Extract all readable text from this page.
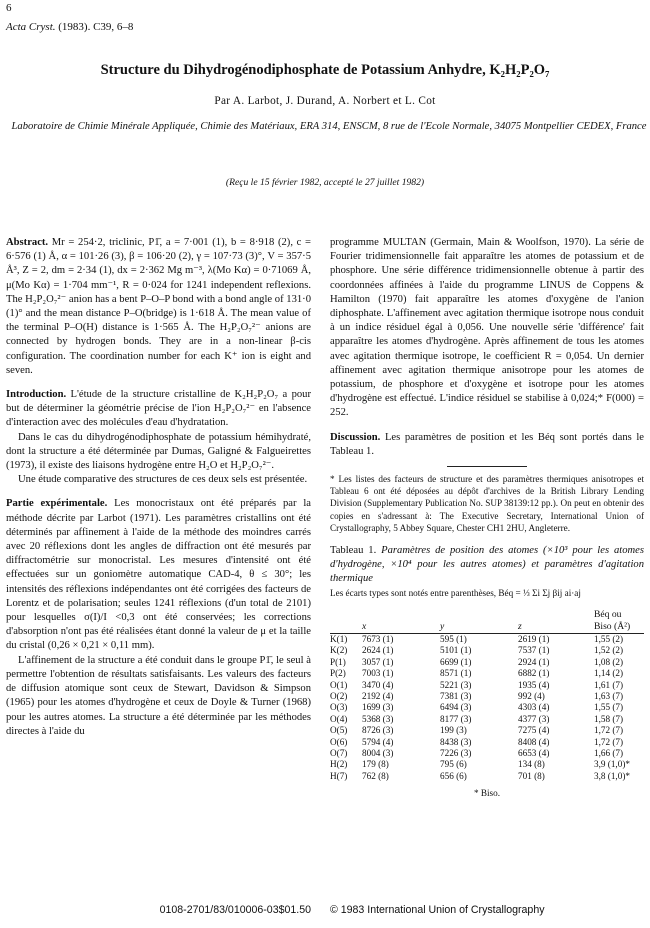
6
Acta Cryst. (1983). C39, 6–8
Structure du Dihydrogénodiphosphate de Potassium Anhydre, K₂H₂P₂O₇
Par A. Larbot, J. Durand, A. Norbert et L. Cot
Laboratoire de Chimie Minérale Appliquée, Chimie des Matériaux, ERA 314, ENSCM, 8 rue de l'Ecole Normale, 34075 Montpellier CEDEX, France
(Reçu le 15 février 1982, accepté le 27 juillet 1982)

Abstract. Mr = 254·2, triclinic, P1̄, a = 7·001 (1), b = 8·918 (2), c = 6·576 (1) Å, α = 101·26 (3), β = 106·20 (2), γ = 107·73 (3)°, V = 357·5 Å³, Z = 2, dm = 2·34 (1), dx = 2·362 Mg m⁻³, λ(Mo Kα) = 0·71069 Å, μ(Mo Kα) = 1·704 mm⁻¹, R = 0·024 for 1241 independent reflexions. The H₂P₂O₇²⁻ anion has a bent P–O–P bond with a bond angle of 131·0 (1)° and the mean distance P–O(bridge) is 1·618 Å. The mean value of the terminal P–O(H) distance is 1·565 Å. The H₂P₂O₇²⁻ anions are connected by hydrogen bonds. They are in a non-linear β-cis configuration. The coordination number for each K⁺ ion is eight and seven.

Introduction. L'étude de la structure cristalline de K₂H₂P₂O₇ a pour but de déterminer la géométrie précise de l'ion H₂P₂O₇²⁻ en l'absence d'interaction avec des molécules d'eau d'hydratation.

Dans le cas du dihydrogénodiphosphate de potassium hémihydraté, dont la structure a été déterminée par Dumas, Galigné & Falgueirettes (1973), il existe des liaisons hydrogène entre H₂O et H₂P₂O₇²⁻.

Une étude comparative des structures de ces deux sels est présentée.

Partie expérimentale. Les monocristaux ont été préparés par la méthode décrite par Larbot (1971). Les paramètres cristallins ont été déterminés par affinement à l'aide de la méthode des moindres carrés avec 20 réflexions dont les angles de diffraction ont été mesurés par diffractométrie sur monocristal. Les mesures d'intensité ont été effectuées sur un goniomètre automatique CAD-4, θ ≤ 30°; les intensités des réflexions indépendantes ont été corrigées des facteurs de Lorentz et de polarisation; seules 1241 réflexions (d'un total de 2101) pour lesquelles σ(I)/I <0,3 ont été conservées; les corrections d'absorption n'ont pas été réalisées étant donné la valeur de μ et la taille du cristal (0,26 × 0,21 × 0,11 mm).

L'affinement de la structure a été conduit dans le groupe P1̄, le seul à permettre l'obtention de résultats satisfaisants. Les valeurs des facteurs de diffusion atomique sont ceux de Stewart, Davidson & Simpson (1965) pour les atomes d'hydrogène et ceux de Doyle & Turner (1968) pour les autres atomes. La structure a été déterminée par les méthodes directes à l'aide du

programme MULTAN (Germain, Main & Woolfson, 1970). La série de Fourier tridimensionnelle fait apparaître les atomes de potassium et de phosphore. Une série différence tridimensionnelle obtenue à partir des coordonnées affinées à l'aide du programme LINUS de Coppens & Hamilton (1970) fait apparaître les atomes d'oxygène de l'anion diphosphate. L'affinement avec agitation thermique isotrope nous conduit à un indice résiduel égal à 0,056. Une nouvelle série 'différence' fait apparaître les atomes d'hydrogène. Après affinement de tous les atomes avec agitation thermique isotrope, le coefficient R = 0,054. Un dernier affinement avec agitation thermique anisotrope pour les atomes de potassium, de phosphore et d'oxygène et isotrope pour les atomes d'hydrogène est effectué. L'indice résiduel se stabilise à 0,024;* F(000) = 252.

Discussion. Les paramètres de position et les Béq sont portés dans le Tableau 1.

* Les listes des facteurs de structure et des paramètres thermiques anisotropes et Tableau 6 ont été déposées au dépôt d'archives de la British Library Lending Division (Supplementary Publication No. SUP 38139:12 pp.). On peut en obtenir des copies en s'adressant à: The Executive Secretary, International Union of Crystallography, 5 Abbey Square, Chester CH1 2HU, Angleterre.

Tableau 1. Paramètres de position des atomes (×10³ pour les atomes d'hydrogène, ×10⁴ pour les autres atomes) et paramètres d'agitation thermique

Les écarts types sont notés entre parenthèses, Béq = ⅓ Σi Σj βij ai·aj

				Béq ou
	x	y	z	Biso (Å²)
K(1)	7673 (1)	595 (1)	2619 (1)	1,55 (2)
K(2)	2624 (1)	5101 (1)	7537 (1)	1,52 (2)
P(1)	3057 (1)	6699 (1)	2924 (1)	1,08 (2)
P(2)	7003 (1)	8571 (1)	6882 (1)	1,14 (2)
O(1)	3470 (4)	5221 (3)	1935 (4)	1,61 (7)
O(2)	2192 (4)	7381 (3)	992 (4)	1,63 (7)
O(3)	1699 (3)	6494 (3)	4303 (4)	1,55 (7)
O(4)	5368 (3)	8177 (3)	4377 (3)	1,58 (7)
O(5)	8726 (3)	199 (3)	7275 (4)	1,72 (7)
O(6)	5794 (4)	8438 (3)	8408 (4)	1,72 (7)
O(7)	8004 (3)	7226 (3)	6653 (4)	1,66 (7)
H(2)	179 (8)	795 (6)	134 (8)	3,9 (1,0)*
H(7)	762 (8)	656 (6)	701 (8)	3,8 (1,0)*
* Biso.
0108-2701/83/010006-03$01.50 © 1983 International Union of Crystallography
